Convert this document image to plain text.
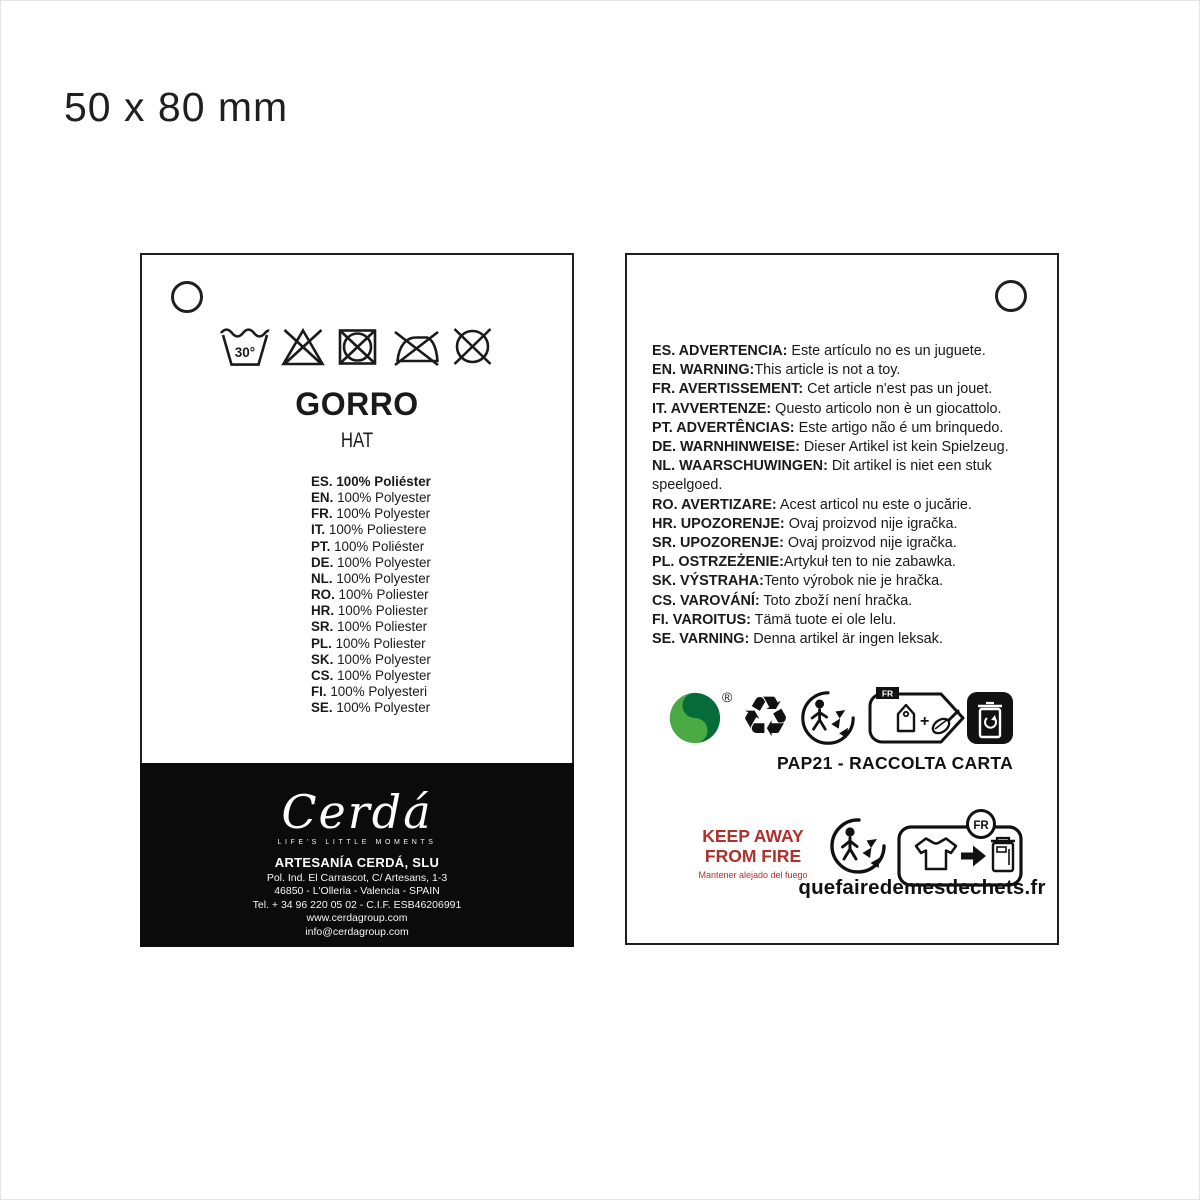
50 x 80 mm
30°
GORRO
HAT
ES. 100% Poliéster
EN. 100% Polyester
FR. 100% Polyester
IT. 100% Poliestere
PT. 100% Poliéster
DE. 100% Polyester
NL. 100% Polyester
RO. 100% Poliester
HR. 100% Poliester
SR. 100% Poliester
PL. 100% Poliester
SK. 100% Polyester
CS. 100% Polyester
FI. 100% Polyesteri
SE. 100% Polyester
Cerdá
LIFE'S LITTLE MOMENTS
ARTESANÍA CERDÁ, SLU
Pol. Ind. El Carrascot, C/ Artesans, 1-3
46850 - L'Olleria - Valencia - SPAIN
Tel. + 34 96 220 05 02 - C.I.F. ESB46206991
www.cerdagroup.com
info@cerdagroup.com
ES. ADVERTENCIA: Este artículo no es un juguete.
EN. WARNING:This article is not a toy.
FR. AVERTISSEMENT: Cet article n'est pas un jouet.
IT. AVVERTENZE: Questo articolo non è un giocattolo.
PT. ADVERTÊNCIAS: Este artigo não é um brinquedo.
DE. WARNHINWEISE: Dieser Artikel ist kein Spielzeug.
NL. WAARSCHUWINGEN: Dit artikel is niet een stuk speelgoed.
RO. AVERTIZARE: Acest articol nu este o jucărie.
HR. UPOZORENJE: Ovaj proizvod nije igračka.
SR. UPOZORENJE: Ovaj proizvod nije igračka.
PL. OSTRZEŻENIE:Artykuł ten to nie zabawka.
SK. VÝSTRAHA:Tento výrobok nie je hračka.
CS. VAROVÁNÍ: Toto zboží není hračka.
FI. VAROITUS: Tämä tuote ei ole lelu.
SE. VARNING: Denna artikel är ingen leksak.
® ♻	FR
+
PAP21 - RACCOLTA CARTA
KEEP AWAY
FROM FIRE
Mantener alejado del fuego
FR
quefairedemesdechets.fr
